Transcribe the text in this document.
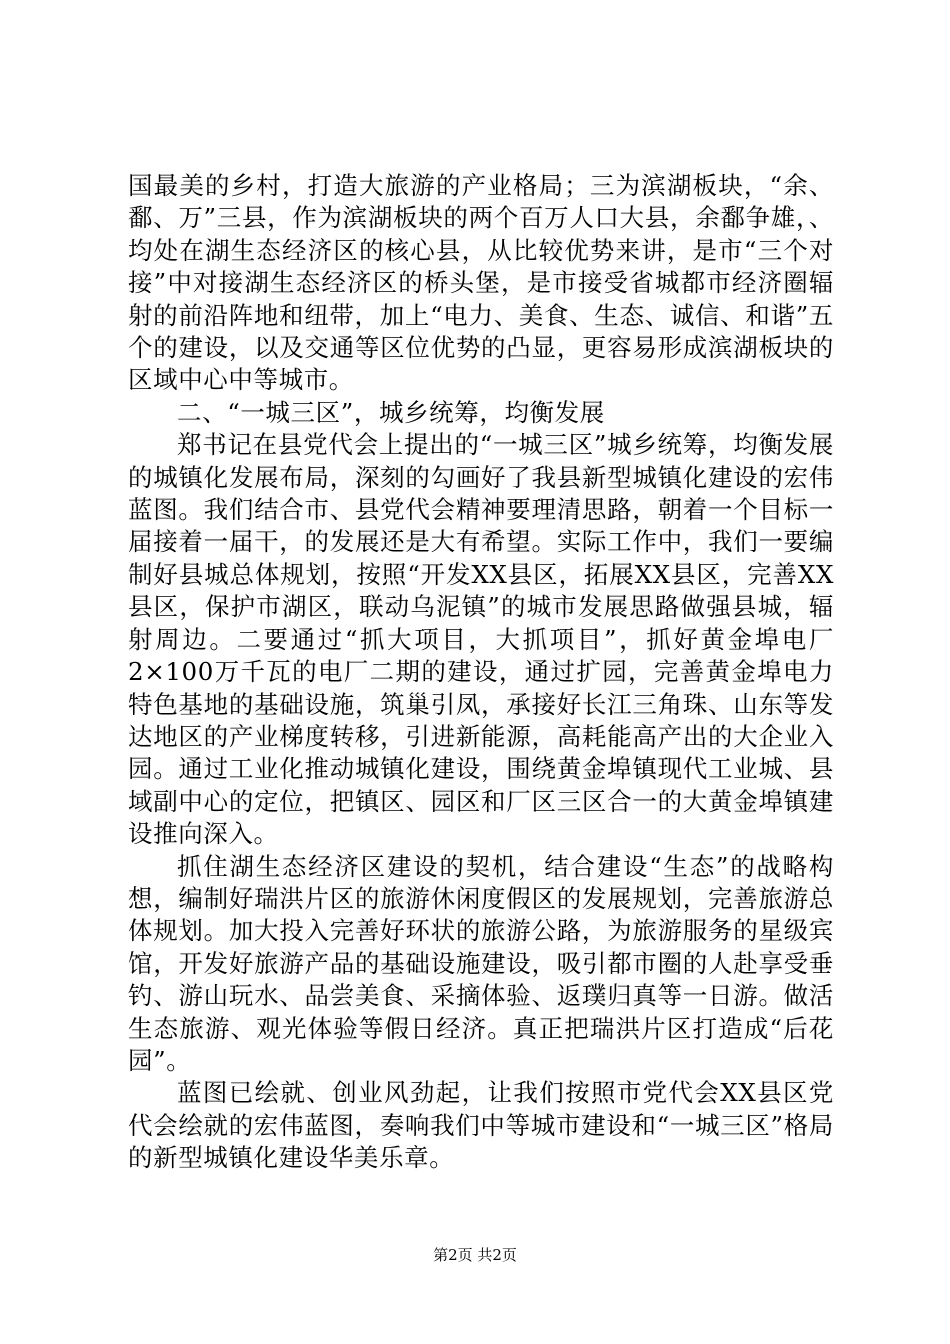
国最美的乡村，打造大旅游的产业格局；三为滨湖板块，“余、鄱、万”三县，作为滨湖板块的两个百万人口大县，余鄱争雄，、均处在湖生态经济区的核心县，从比较优势来讲，是市“三个对接”中对接湖生态经济区的桥头堡，是市接受省城都市经济圈辐射的前沿阵地和纽带，加上“电力、美食、生态、诚信、和谐”五个的建设，以及交通等区位优势的凸显，更容易形成滨湖板块的区域中心中等城市。

二、“一城三区”，城乡统筹，均衡发展

郑书记在县党代会上提出的“一城三区”城乡统筹，均衡发展的城镇化发展布局，深刻的勾画好了我县新型城镇化建设的宏伟蓝图。我们结合市、县党代会精神要理清思路，朝着一个目标一届接着一届干，的发展还是大有希望。实际工作中，我们一要编制好县城总体规划，按照“开发XX县区，拓展XX县区，完善XX县区，保护市湖区，联动乌泥镇”的城市发展思路做强县城，辐射周边。二要通过“抓大项目，大抓项目”，抓好黄金埠电厂2×100万千瓦的电厂二期的建设，通过扩园，完善黄金埠电力特色基地的基础设施，筑巢引凤，承接好长江三角珠、山东等发达地区的产业梯度转移，引进新能源，高耗能高产出的大企业入园。通过工业化推动城镇化建设，围绕黄金埠镇现代工业城、县域副中心的定位，把镇区、园区和厂区三区合一的大黄金埠镇建设推向深入。

抓住湖生态经济区建设的契机，结合建设“生态”的战略构想，编制好瑞洪片区的旅游休闲度假区的发展规划，完善旅游总体规划。加大投入完善好环状的旅游公路，为旅游服务的星级宾馆，开发好旅游产品的基础设施建设，吸引都市圈的人赴享受垂钓、游山玩水、品尝美食、采摘体验、返璞归真等一日游。做活生态旅游、观光体验等假日经济。真正把瑞洪片区打造成“后花园”。

蓝图已绘就、创业风劲起，让我们按照市党代会XX县区党代会绘就的宏伟蓝图，奏响我们中等城市建设和“一城三区”格局的新型城镇化建设华美乐章。

第2页 共2页
